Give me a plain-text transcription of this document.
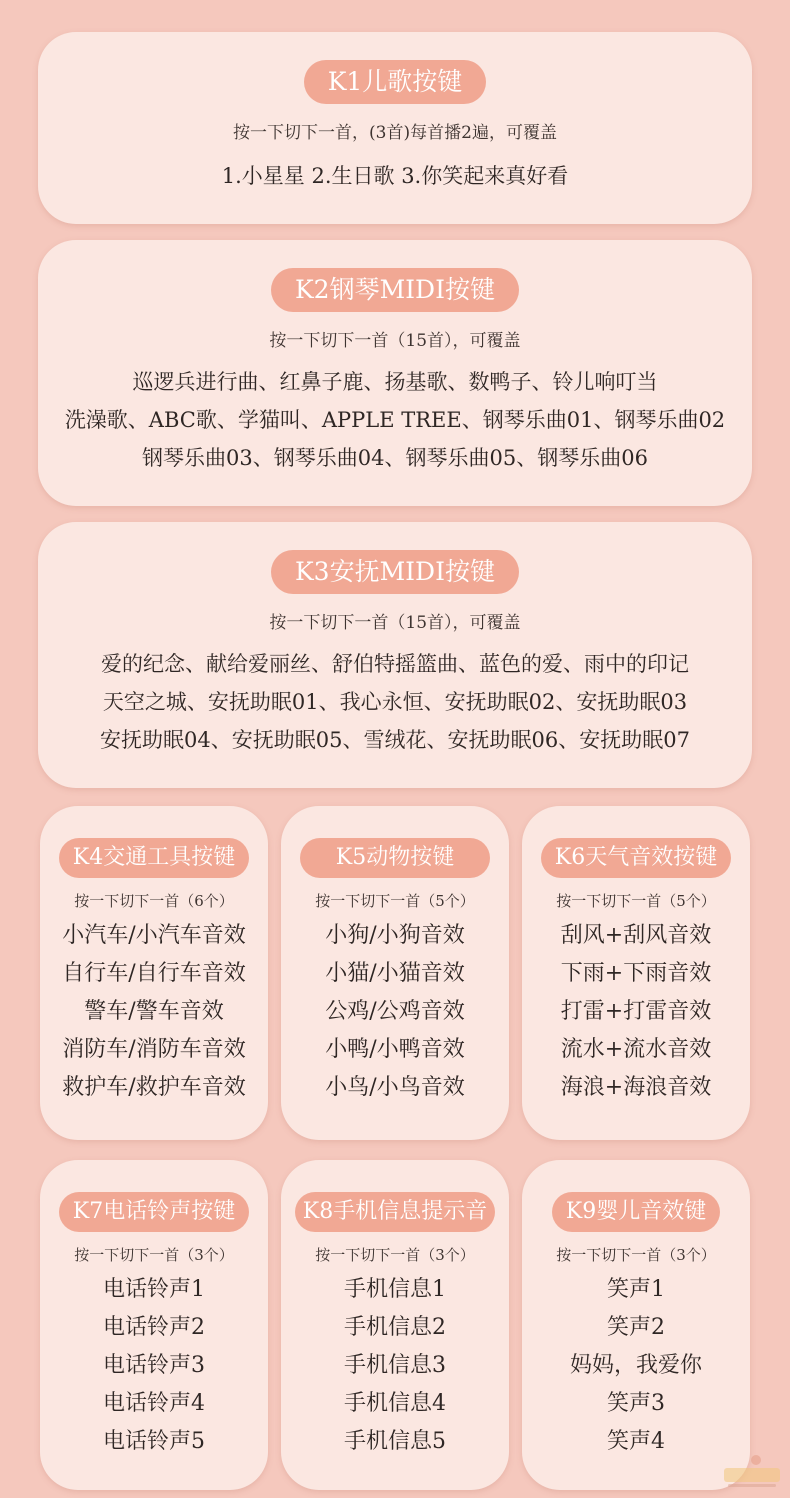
K1儿歌按键
按一下切下一首，(3首)每首播2遍，可覆盖
1.小星星 2.生日歌 3.你笑起来真好看
K2钢琴MIDI按键
按一下切下一首（15首），可覆盖
巡逻兵进行曲、红鼻子鹿、扬基歌、数鸭子、铃儿响叮当
洗澡歌、ABC歌、学猫叫、APPLE TREE、钢琴乐曲01、钢琴乐曲02
钢琴乐曲03、钢琴乐曲04、钢琴乐曲05、钢琴乐曲06
K3安抚MIDI按键
按一下切下一首（15首），可覆盖
爱的纪念、献给爱丽丝、舒伯特摇篮曲、蓝色的爱、雨中的印记
天空之城、安抚助眠01、我心永恒、安抚助眠02、安抚助眠03
安抚助眠04、安抚助眠05、雪绒花、安抚助眠06、安抚助眠07
K4交通工具按键
按一下切下一首（6个）
小汽车/小汽车音效
自行车/自行车音效
警车/警车音效
消防车/消防车音效
救护车/救护车音效
K5动物按键
按一下切下一首（5个）
小狗/小狗音效
小猫/小猫音效
公鸡/公鸡音效
小鸭/小鸭音效
小鸟/小鸟音效
K6天气音效按键
按一下切下一首（5个）
刮风+刮风音效
下雨+下雨音效
打雷+打雷音效
流水+流水音效
海浪+海浪音效
K7电话铃声按键
按一下切下一首（3个）
电话铃声1
电话铃声2
电话铃声3
电话铃声4
电话铃声5
K8手机信息提示音
按一下切下一首（3个）
手机信息1
手机信息2
手机信息3
手机信息4
手机信息5
K9婴儿音效键
按一下切下一首（3个）
笑声1
笑声2
妈妈，我爱你
笑声3
笑声4
